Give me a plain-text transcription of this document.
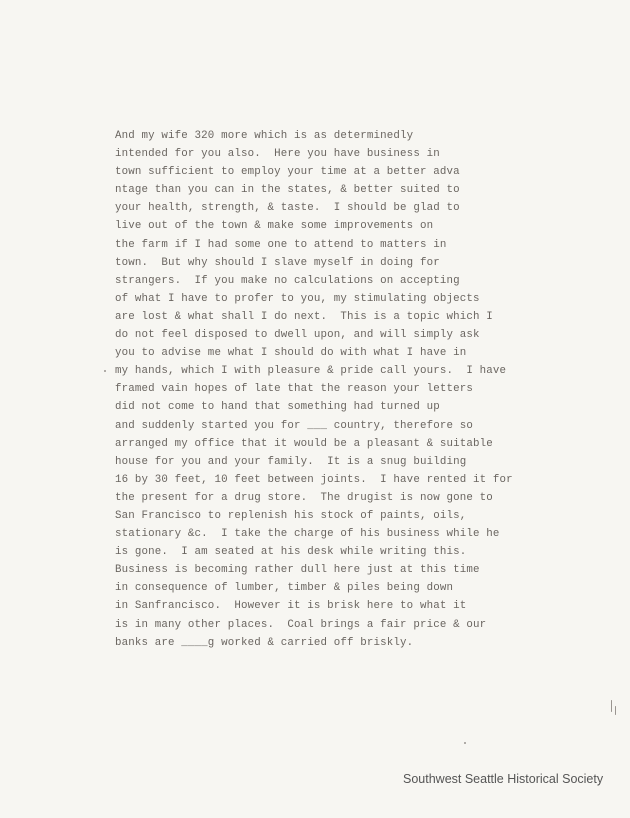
And my wife 320 more which is as determinedly
intended for you also.  Here you have business in
town sufficient to employ your time at a better adva
ntage than you can in the states, & better suited to
your health, strength, & taste.  I should be glad to
live out of the town & make some improvements on
the farm if I had some one to attend to matters in
town.  But why should I slave myself in doing for
strangers.  If you make no calculations on accepting
of what I have to profer to you, my stimulating objects
are lost & what shall I do next.  This is a topic which I
do not feel disposed to dwell upon, and will simply ask
you to advise me what I should do with what I have in
my hands, which I with pleasure & pride call yours.  I have
framed vain hopes of late that the reason your letters
did not come to hand that something had turned up
and suddenly started you for ___ country, therefore so
arranged my office that it would be a pleasant & suitable
house for you and your family.  It is a snug building
16 by 30 feet, 10 feet between joints.  I have rented it for
the present for a drug store.  The drugist is now gone to
San Francisco to replenish his stock of paints, oils,
stationary &c.  I take the charge of his business while he
is gone.  I am seated at his desk while writing this.
Business is becoming rather dull here just at this time
in consequence of lumber, timber & piles being down
in Sanfrancisco.  However it is brisk here to what it
is in many other places.  Coal brings a fair price & our
banks are ____g worked & carried off briskly.
Southwest Seattle Historical Society
